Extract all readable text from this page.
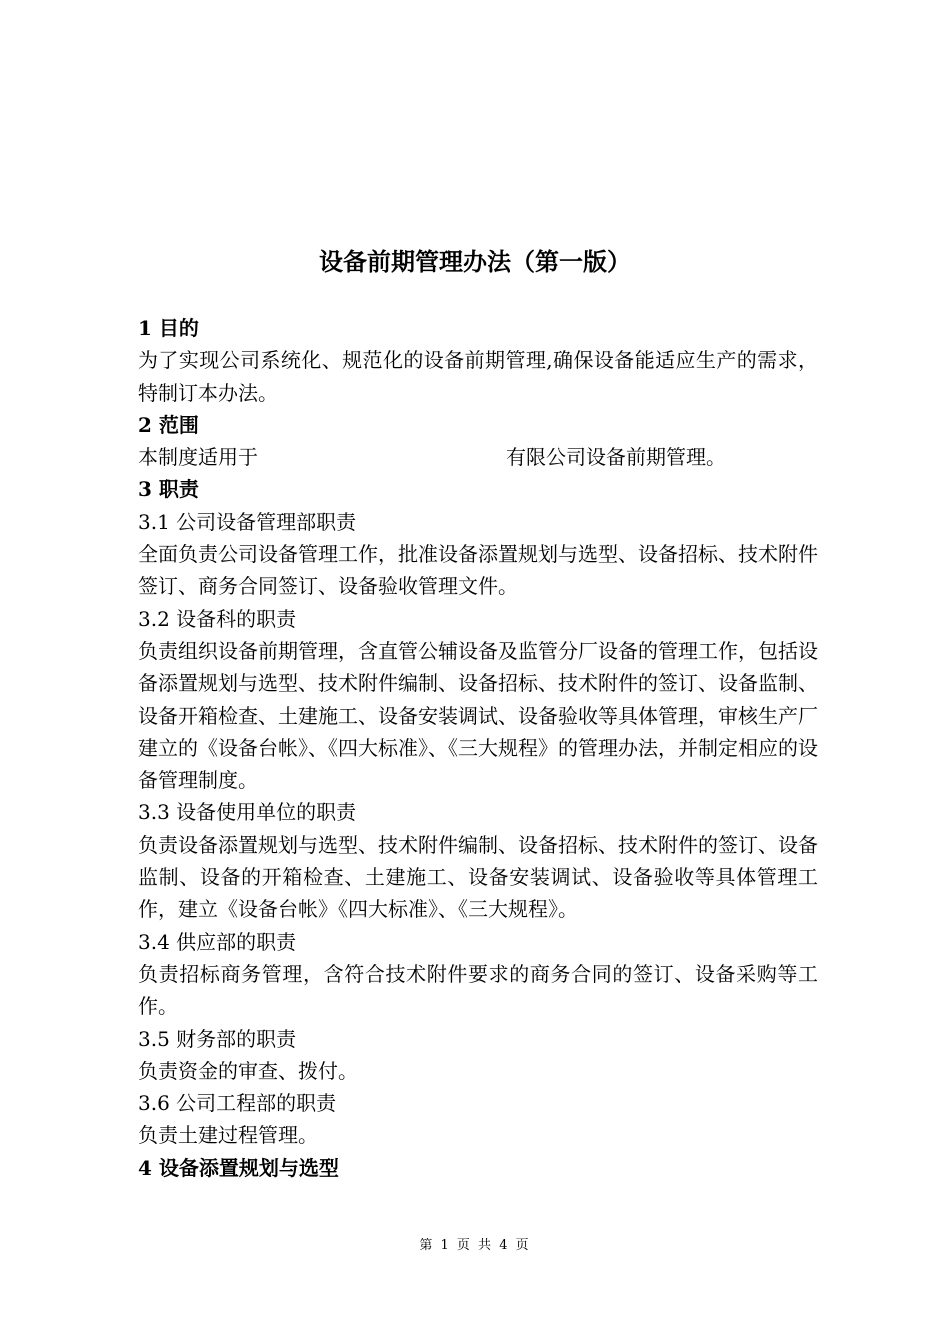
设备前期管理办法（第一版）
1 目的
为了实现公司系统化、规范化的设备前期管理,确保设备能适应生产的需求，特制订本办法。
2 范围
本制度适用于	有限公司设备前期管理。
3 职责
3.1 公司设备管理部职责
全面负责公司设备管理工作，批准设备添置规划与选型、设备招标、技术附件签订、商务合同签订、设备验收管理文件。
3.2 设备科的职责
负责组织设备前期管理，含直管公辅设备及监管分厂设备的管理工作，包括设备添置规划与选型、技术附件编制、设备招标、技术附件的签订、设备监制、设备开箱检查、土建施工、设备安装调试、设备验收等具体管理，审核生产厂建立的《设备台帐》、《四大标准》、《三大规程》的管理办法，并制定相应的设备管理制度。
3.3 设备使用单位的职责
负责设备添置规划与选型、技术附件编制、设备招标、技术附件的签订、设备监制、设备的开箱检查、土建施工、设备安装调试、设备验收等具体管理工作，建立《设备台帐》《四大标准》、《三大规程》。
3.4 供应部的职责
负责招标商务管理，含符合技术附件要求的商务合同的签订、设备采购等工作。
3.5 财务部的职责
负责资金的审查、拨付。
3.6 公司工程部的职责
负责土建过程管理。
4 设备添置规划与选型
第 1 页 共 4 页
